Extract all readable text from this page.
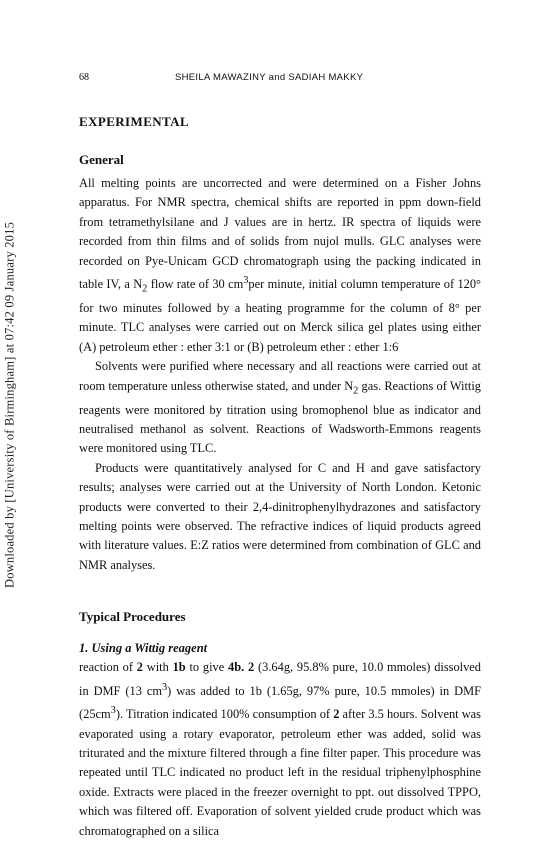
Downloaded by [University of Birmingham] at 07:42 09 January 2015
68	SHEILA MAWAZINY and SADIAH MAKKY
EXPERIMENTAL
General

All melting points are uncorrected and were determined on a Fisher Johns apparatus. For NMR spectra, chemical shifts are reported in ppm down-field from tetramethylsilane and J values are in hertz. IR spectra of liquids were recorded from thin films and of solids from nujol mulls. GLC analyses were recorded on Pye-Unicam GCD chromatograph using the packing indicated in table IV, a $N_2$ flow rate of 30 $cm^3per$ minute, initial column temperature of 120° for two minutes followed by a heating programme for the column of 8° per minute. TLC analyses were carried out on Merck silica gel plates using either (A) petroleum ether : ether 3:1 or (B) petroleum ether : ether 1:6

Solvents were purified where necessary and all reactions were carried out at room temperature unless otherwise stated, and under $N_2$ gas. Reactions of Wittig reagents were monitored by titration using bromophenol blue as indicator and neutralised methanol as solvent. Reactions of Wadsworth-Emmons reagents were monitored using TLC.

Products were quantitatively analysed for C and H and gave satisfactory results; analyses were carried out at the University of North London. Ketonic products were converted to their 2,4-dinitrophenylhydrazones and satisfactory melting points were observed. The refractive indices of liquid products agreed with literature values. E:Z ratios were determined from combination of GLC and NMR analyses.

Typical Procedures
1. Using a Wittig reagent

reaction of 2 with 1b to give 4b. 2 (3.64g, 95.8% pure, 10.0 mmoles) dissolved in DMF (13 $cm^3$) was added to 1b (1.65g, 97% pure, 10.5 mmoles) in DMF $(25cm^3)$. Titration indicated 100% consumption of 2 after 3.5 hours. Solvent was evaporated using a rotary evaporator, petroleum ether was added, solid was triturated and the mixture filtered through a fine filter paper. This procedure was repeated until TLC indicated no product left in the residual triphenylphosphine oxide. Extracts were placed in the freezer overnight to ppt. out dissolved TPPO, which was filtered off. Evaporation of solvent yielded crude product which was chromatographed on a silica
